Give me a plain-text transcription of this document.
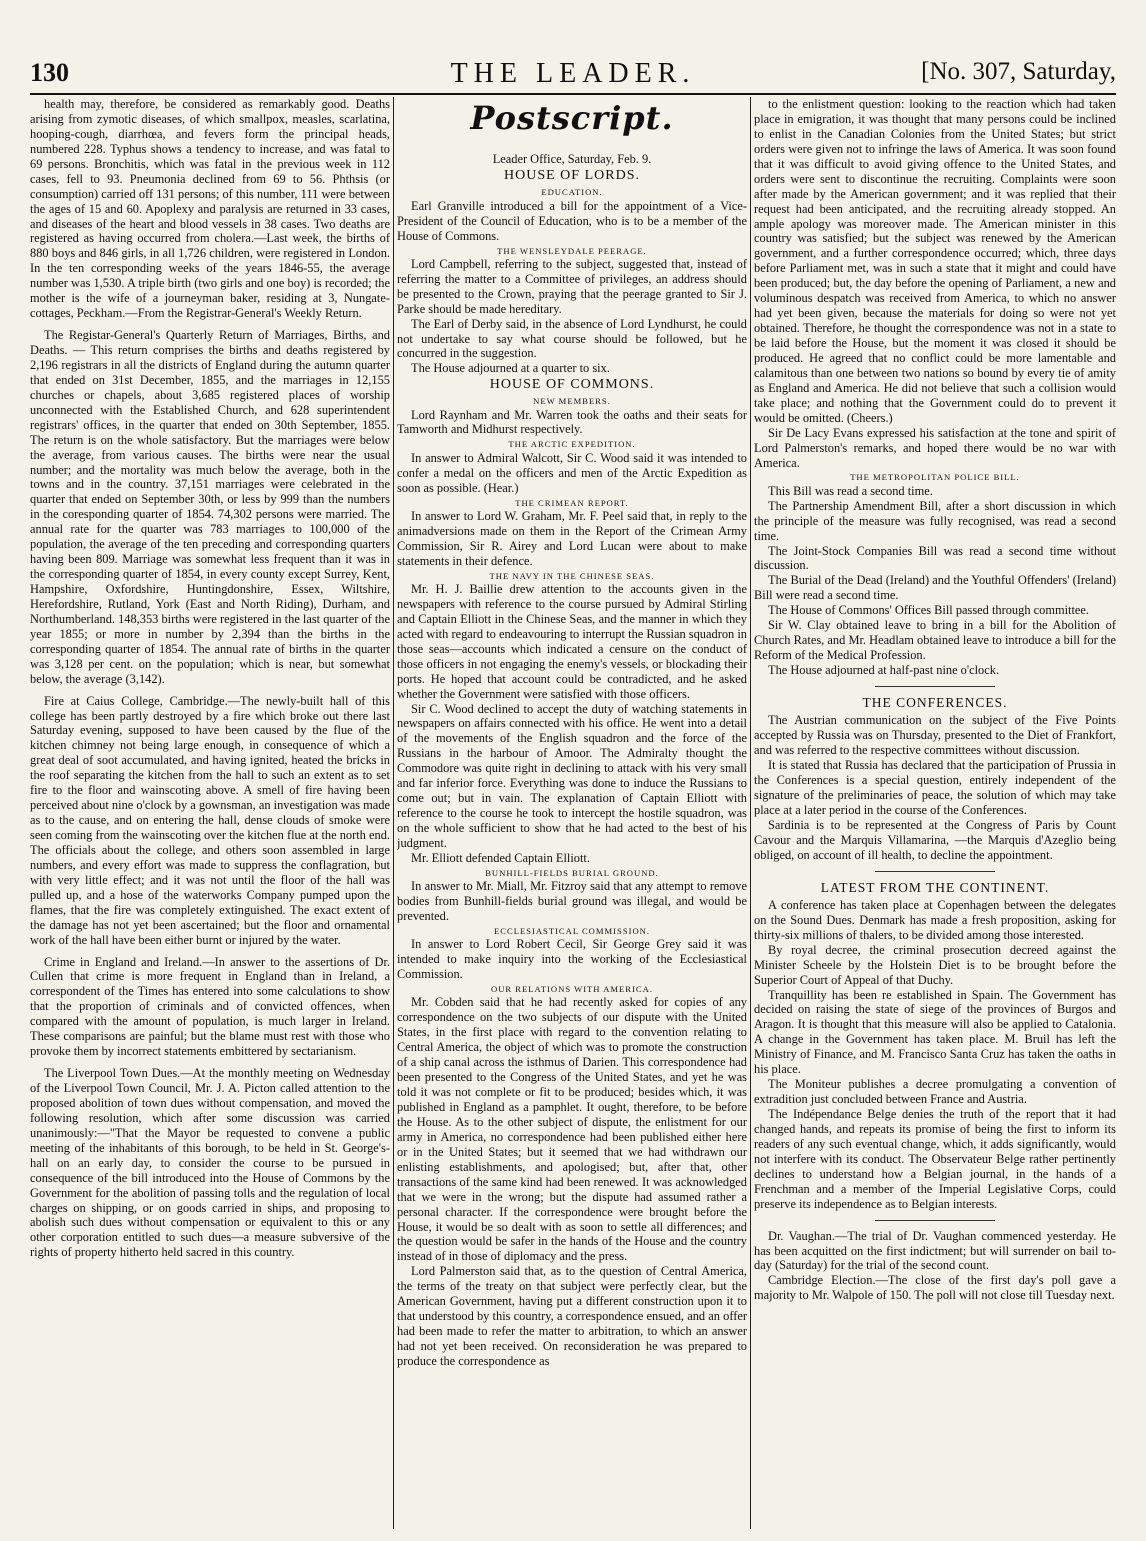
130	THE LEADER.	[No. 307, Saturday,

health may, therefore, be considered as remarkably good. Deaths arising from zymotic diseases, of which smallpox, measles, scarlatina, hooping-cough, diarrhœa, and fevers form the principal heads, numbered 228. Typhus shows a tendency to increase, and was fatal to 69 persons. Bronchitis, which was fatal in the previous week in 112 cases, fell to 93. Pneumonia declined from 69 to 56. Phthsis (or consumption) carried off 131 persons; of this number, 111 were between the ages of 15 and 60. Apoplexy and paralysis are returned in 33 cases, and diseases of the heart and blood vessels in 38 cases. Two deaths are registered as having occurred from cholera.—Last week, the births of 880 boys and 846 girls, in all 1,726 children, were registered in London. In the ten corresponding weeks of the years 1846-55, the average number was 1,530. A triple birth (two girls and one boy) is recorded; the mother is the wife of a journeyman baker, residing at 3, Nungate-cottages, Peckham.—From the Registrar-General's Weekly Return.

The Registar-General's Quarterly Return of Marriages, Births, and Deaths. — This return comprises the births and deaths registered by 2,196 registrars in all the districts of England during the autumn quarter that ended on 31st December, 1855, and the marriages in 12,155 churches or chapels, about 3,685 registered places of worship unconnected with the Established Church, and 628 superintendent registrars' offices, in the quarter that ended on 30th September, 1855. The return is on the whole satisfactory. But the marriages were below the average, from various causes. The births were near the usual number; and the mortality was much below the average, both in the towns and in the country. 37,151 marriages were celebrated in the quarter that ended on September 30th, or less by 999 than the numbers in the coresponding quarter of 1854. 74,302 persons were married. The annual rate for the quarter was 783 marriages to 100,000 of the population, the average of the ten preceding and corresponding quarters having been 809. Marriage was somewhat less frequent than it was in the corresponding quarter of 1854, in every county except Surrey, Kent, Hampshire, Oxfordshire, Huntingdonshire, Essex, Wiltshire, Herefordshire, Rutland, York (East and North Riding), Durham, and Northumberland. 148,353 births were registered in the last quarter of the year 1855; or more in number by 2,394 than the births in the corresponding quarter of 1854. The annual rate of births in the quarter was 3,128 per cent. on the population; which is near, but somewhat below, the average (3,142).

Fire at Caius College, Cambridge.—The newly-built hall of this college has been partly destroyed by a fire which broke out there last Saturday evening, supposed to have been caused by the flue of the kitchen chimney not being large enough, in consequence of which a great deal of soot accumulated, and having ignited, heated the bricks in the roof separating the kitchen from the hall to such an extent as to set fire to the floor and wainscoting above. A smell of fire having been perceived about nine o'clock by a gownsman, an investigation was made as to the cause, and on entering the hall, dense clouds of smoke were seen coming from the wainscoting over the kitchen flue at the north end. The officials about the college, and others soon assembled in large numbers, and every effort was made to suppress the conflagration, but with very little effect; and it was not until the floor of the hall was pulled up, and a hose of the waterworks Company pumped upon the flames, that the fire was completely extinguished. The exact extent of the damage has not yet been ascertained; but the floor and ornamental work of the hall have been either burnt or injured by the water.

Crime in England and Ireland.—In answer to the assertions of Dr. Cullen that crime is more frequent in England than in Ireland, a correspondent of the Times has entered into some calculations to show that the proportion of criminals and of convicted offences, when compared with the amount of population, is much larger in Ireland. These comparisons are painful; but the blame must rest with those who provoke them by incorrect statements embittered by sectarianism.

The Liverpool Town Dues.—At the monthly meeting on Wednesday of the Liverpool Town Council, Mr. J. A. Picton called attention to the proposed abolition of town dues without compensation, and moved the following resolution, which after some discussion was carried unanimously:—"That the Mayor be requested to convene a public meeting of the inhabitants of this borough, to be held in St. George's-hall on an early day, to consider the course to be pursued in consequence of the bill introduced into the House of Commons by the Government for the abolition of passing tolls and the regulation of local charges on shipping, or on goods carried in ships, and proposing to abolish such dues without compensation or equivalent to this or any other corporation entitled to such dues—a measure subversive of the rights of property hitherto held sacred in this country.

Postscript.
Leader Office, Saturday, Feb. 9.
HOUSE OF LORDS.
EDUCATION.

Earl Granville introduced a bill for the appointment of a Vice-President of the Council of Education, who is to be a member of the House of Commons.

THE WENSLEYDALE PEERAGE.

Lord Campbell, referring to the subject, suggested that, instead of referring the matter to a Committee of privileges, an address should be presented to the Crown, praying that the peerage granted to Sir J. Parke should be made hereditary.

The Earl of Derby said, in the absence of Lord Lyndhurst, he could not undertake to say what course should be followed, but he concurred in the suggestion.

The House adjourned at a quarter to six.

HOUSE OF COMMONS.
NEW MEMBERS.

Lord Raynham and Mr. Warren took the oaths and their seats for Tamworth and Midhurst respectively.

THE ARCTIC EXPEDITION.

In answer to Admiral Walcott, Sir C. Wood said it was intended to confer a medal on the officers and men of the Arctic Expedition as soon as possible. (Hear.)

THE CRIMEAN REPORT.

In answer to Lord W. Graham, Mr. F. Peel said that, in reply to the animadversions made on them in the Report of the Crimean Army Commission, Sir R. Airey and Lord Lucan were about to make statements in their defence.

THE NAVY IN THE CHINESE SEAS.

Mr. H. J. Baillie drew attention to the accounts given in the newspapers with reference to the course pursued by Admiral Stirling and Captain Elliott in the Chinese Seas, and the manner in which they acted with regard to endeavouring to interrupt the Russian squadron in those seas—accounts which indicated a censure on the conduct of those officers in not engaging the enemy's vessels, or blockading their ports. He hoped that account could be contradicted, and he asked whether the Government were satisfied with those officers.

Sir C. Wood declined to accept the duty of watching statements in newspapers on affairs connected with his office. He went into a detail of the movements of the English squadron and the force of the Russians in the harbour of Amoor. The Admiralty thought the Commodore was quite right in declining to attack with his very small and far inferior force. Everything was done to induce the Russians to come out; but in vain. The explanation of Captain Elliott with reference to the course he took to intercept the hostile squadron, was on the whole sufficient to show that he had acted to the best of his judgment.

Mr. Elliott defended Captain Elliott.

BUNHILL-FIELDS BURIAL GROUND.

In answer to Mr. Miall, Mr. Fitzroy said that any attempt to remove bodies from Bunhill-fields burial ground was illegal, and would be prevented.

ECCLESIASTICAL COMMISSION.

In answer to Lord Robert Cecil, Sir George Grey said it was intended to make inquiry into the working of the Ecclesiastical Commission.

OUR RELATIONS WITH AMERICA.

Mr. Cobden said that he had recently asked for copies of any correspondence on the two subjects of our dispute with the United States, in the first place with regard to the convention relating to Central America, the object of which was to promote the construction of a ship canal across the isthmus of Darien. This correspondence had been presented to the Congress of the United States, and yet he was told it was not complete or fit to be produced; besides which, it was published in England as a pamphlet. It ought, therefore, to be before the House. As to the other subject of dispute, the enlistment for our army in America, no correspondence had been published either here or in the United States; but it seemed that we had withdrawn our enlisting establishments, and apologised; but, after that, other transactions of the same kind had been renewed. It was acknowledged that we were in the wrong; but the dispute had assumed rather a personal character. If the correspondence were brought before the House, it would be so dealt with as soon to settle all differences; and the question would be safer in the hands of the House and the country instead of in those of diplomacy and the press.

Lord Palmerston said that, as to the question of Central America, the terms of the treaty on that subject were perfectly clear, but the American Government, having put a different construction upon it to that understood by this country, a correspondence ensued, and an offer had been made to refer the matter to arbitration, to which an answer had not yet been received. On reconsideration he was prepared to produce the correspondence as

to the enlistment question: looking to the reaction which had taken place in emigration, it was thought that many persons could be inclined to enlist in the Canadian Colonies from the United States; but strict orders were given not to infringe the laws of America. It was soon found that it was difficult to avoid giving offence to the United States, and orders were sent to discontinue the recruiting. Complaints were soon after made by the American government; and it was replied that their request had been anticipated, and the recruiting already stopped. An ample apology was moreover made. The American minister in this country was satisfied; but the subject was renewed by the American government, and a further correspondence occurred; which, three days before Parliament met, was in such a state that it might and could have been produced; but, the day before the opening of Parliament, a new and voluminous despatch was received from America, to which no answer had yet been given, because the materials for doing so were not yet obtained. Therefore, he thought the correspondence was not in a state to be laid before the House, but the moment it was closed it should be produced. He agreed that no conflict could be more lamentable and calamitous than one between two nations so bound by every tie of amity as England and America. He did not believe that such a collision would take place; and nothing that the Government could do to prevent it would be omitted. (Cheers.)

Sir De Lacy Evans expressed his satisfaction at the tone and spirit of Lord Palmerston's remarks, and hoped there would be no war with America.

THE METROPOLITAN POLICE BILL.

This Bill was read a second time.

The Partnership Amendment Bill, after a short discussion in which the principle of the measure was fully recognised, was read a second time.

The Joint-Stock Companies Bill was read a second time without discussion.

The Burial of the Dead (Ireland) and the Youthful Offenders' (Ireland) Bill were read a second time.

The House of Commons' Offices Bill passed through committee.

Sir W. Clay obtained leave to bring in a bill for the Abolition of Church Rates, and Mr. Headlam obtained leave to introduce a bill for the Reform of the Medical Profession.

The House adjourned at half-past nine o'clock.

THE CONFERENCES.

The Austrian communication on the subject of the Five Points accepted by Russia was on Thursday, presented to the Diet of Frankfort, and was referred to the respective committees without discussion.

It is stated that Russia has declared that the participation of Prussia in the Conferences is a special question, entirely independent of the signature of the preliminaries of peace, the solution of which may take place at a later period in the course of the Conferences.

Sardinia is to be represented at the Congress of Paris by Count Cavour and the Marquis Villamarina, —the Marquis d'Azeglio being obliged, on account of ill health, to decline the appointment.

LATEST FROM THE CONTINENT.

A conference has taken place at Copenhagen between the delegates on the Sound Dues. Denmark has made a fresh proposition, asking for thirty-six millions of thalers, to be divided among those interested.

By royal decree, the criminal prosecution decreed against the Minister Scheele by the Holstein Diet is to be brought before the Superior Court of Appeal of that Duchy.

Tranquillity has been re established in Spain. The Government has decided on raising the state of siege of the provinces of Burgos and Aragon. It is thought that this measure will also be applied to Catalonia. A change in the Government has taken place. M. Bruil has left the Ministry of Finance, and M. Francisco Santa Cruz has taken the oaths in his place.

The Moniteur publishes a decree promulgating a convention of extradition just concluded between France and Austria.

The Indépendance Belge denies the truth of the report that it had changed hands, and repeats its promise of being the first to inform its readers of any such eventual change, which, it adds significantly, would not interfere with its conduct. The Observateur Belge rather pertinently declines to understand how a Belgian journal, in the hands of a Frenchman and a member of the Imperial Legislative Corps, could preserve its independence as to Belgian interests.

Dr. Vaughan.—The trial of Dr. Vaughan commenced yesterday. He has been acquitted on the first indictment; but will surrender on bail to-day (Saturday) for the trial of the second count.

Cambridge Election.—The close of the first day's poll gave a majority to Mr. Walpole of 150. The poll will not close till Tuesday next.
